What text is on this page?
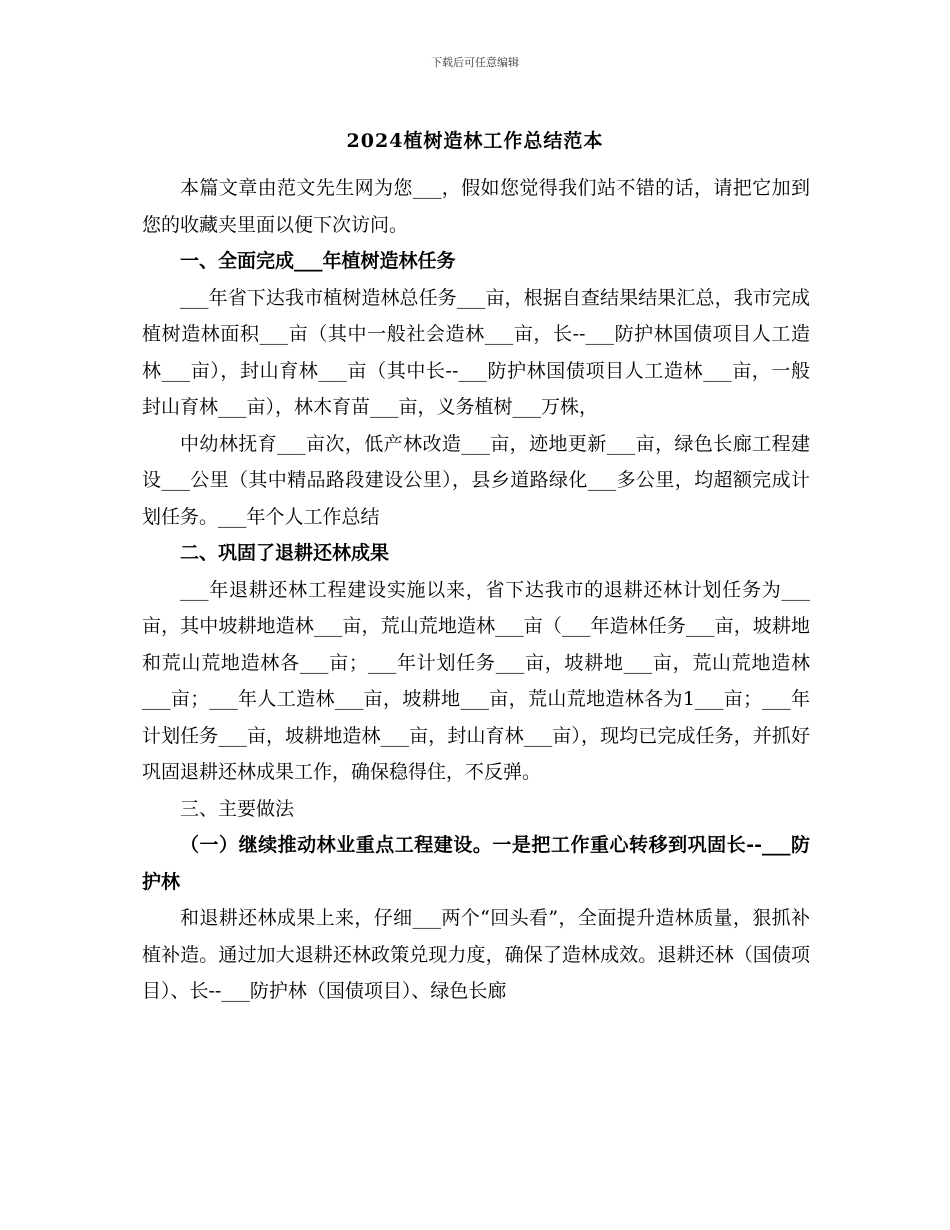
下载后可任意编辑
2024植树造林工作总结范本

本篇文章由范文先生网为您___，假如您觉得我们站不错的话，请把它加到您的收藏夹里面以便下次访问。

一、全面完成___年植树造林任务

___年省下达我市植树造林总任务___亩，根据自查结果结果汇总，我市完成植树造林面积___亩（其中一般社会造林___亩，长--___防护林国债项目人工造林___亩），封山育林___亩（其中长--___防护林国债项目人工造林___亩，一般封山育林___亩），林木育苗___亩，义务植树___万株，

中幼林抚育___亩次，低产林改造___亩，迹地更新___亩，绿色长廊工程建设___公里（其中精品路段建设公里），县乡道路绿化___多公里，均超额完成计划任务。___年个人工作总结

二、巩固了退耕还林成果

___年退耕还林工程建设实施以来，省下达我市的退耕还林计划任务为___亩，其中坡耕地造林___亩，荒山荒地造林___亩（___年造林任务___亩，坡耕地和荒山荒地造林各___亩；___年计划任务___亩，坡耕地___亩，荒山荒地造林___亩；___年人工造林___亩，坡耕地___亩，荒山荒地造林各为1___亩；___年计划任务___亩，坡耕地造林___亩，封山育林___亩），现均已完成任务，并抓好巩固退耕还林成果工作，确保稳得住，不反弹。

三、主要做法

（一）继续推动林业重点工程建设。一是把工作重心转移到巩固长--___防护林

和退耕还林成果上来，仔细___两个“回头看”，全面提升造林质量，狠抓补植补造。通过加大退耕还林政策兑现力度，确保了造林成效。退耕还林（国债项目）、长--___防护林（国债项目）、绿色长廊
